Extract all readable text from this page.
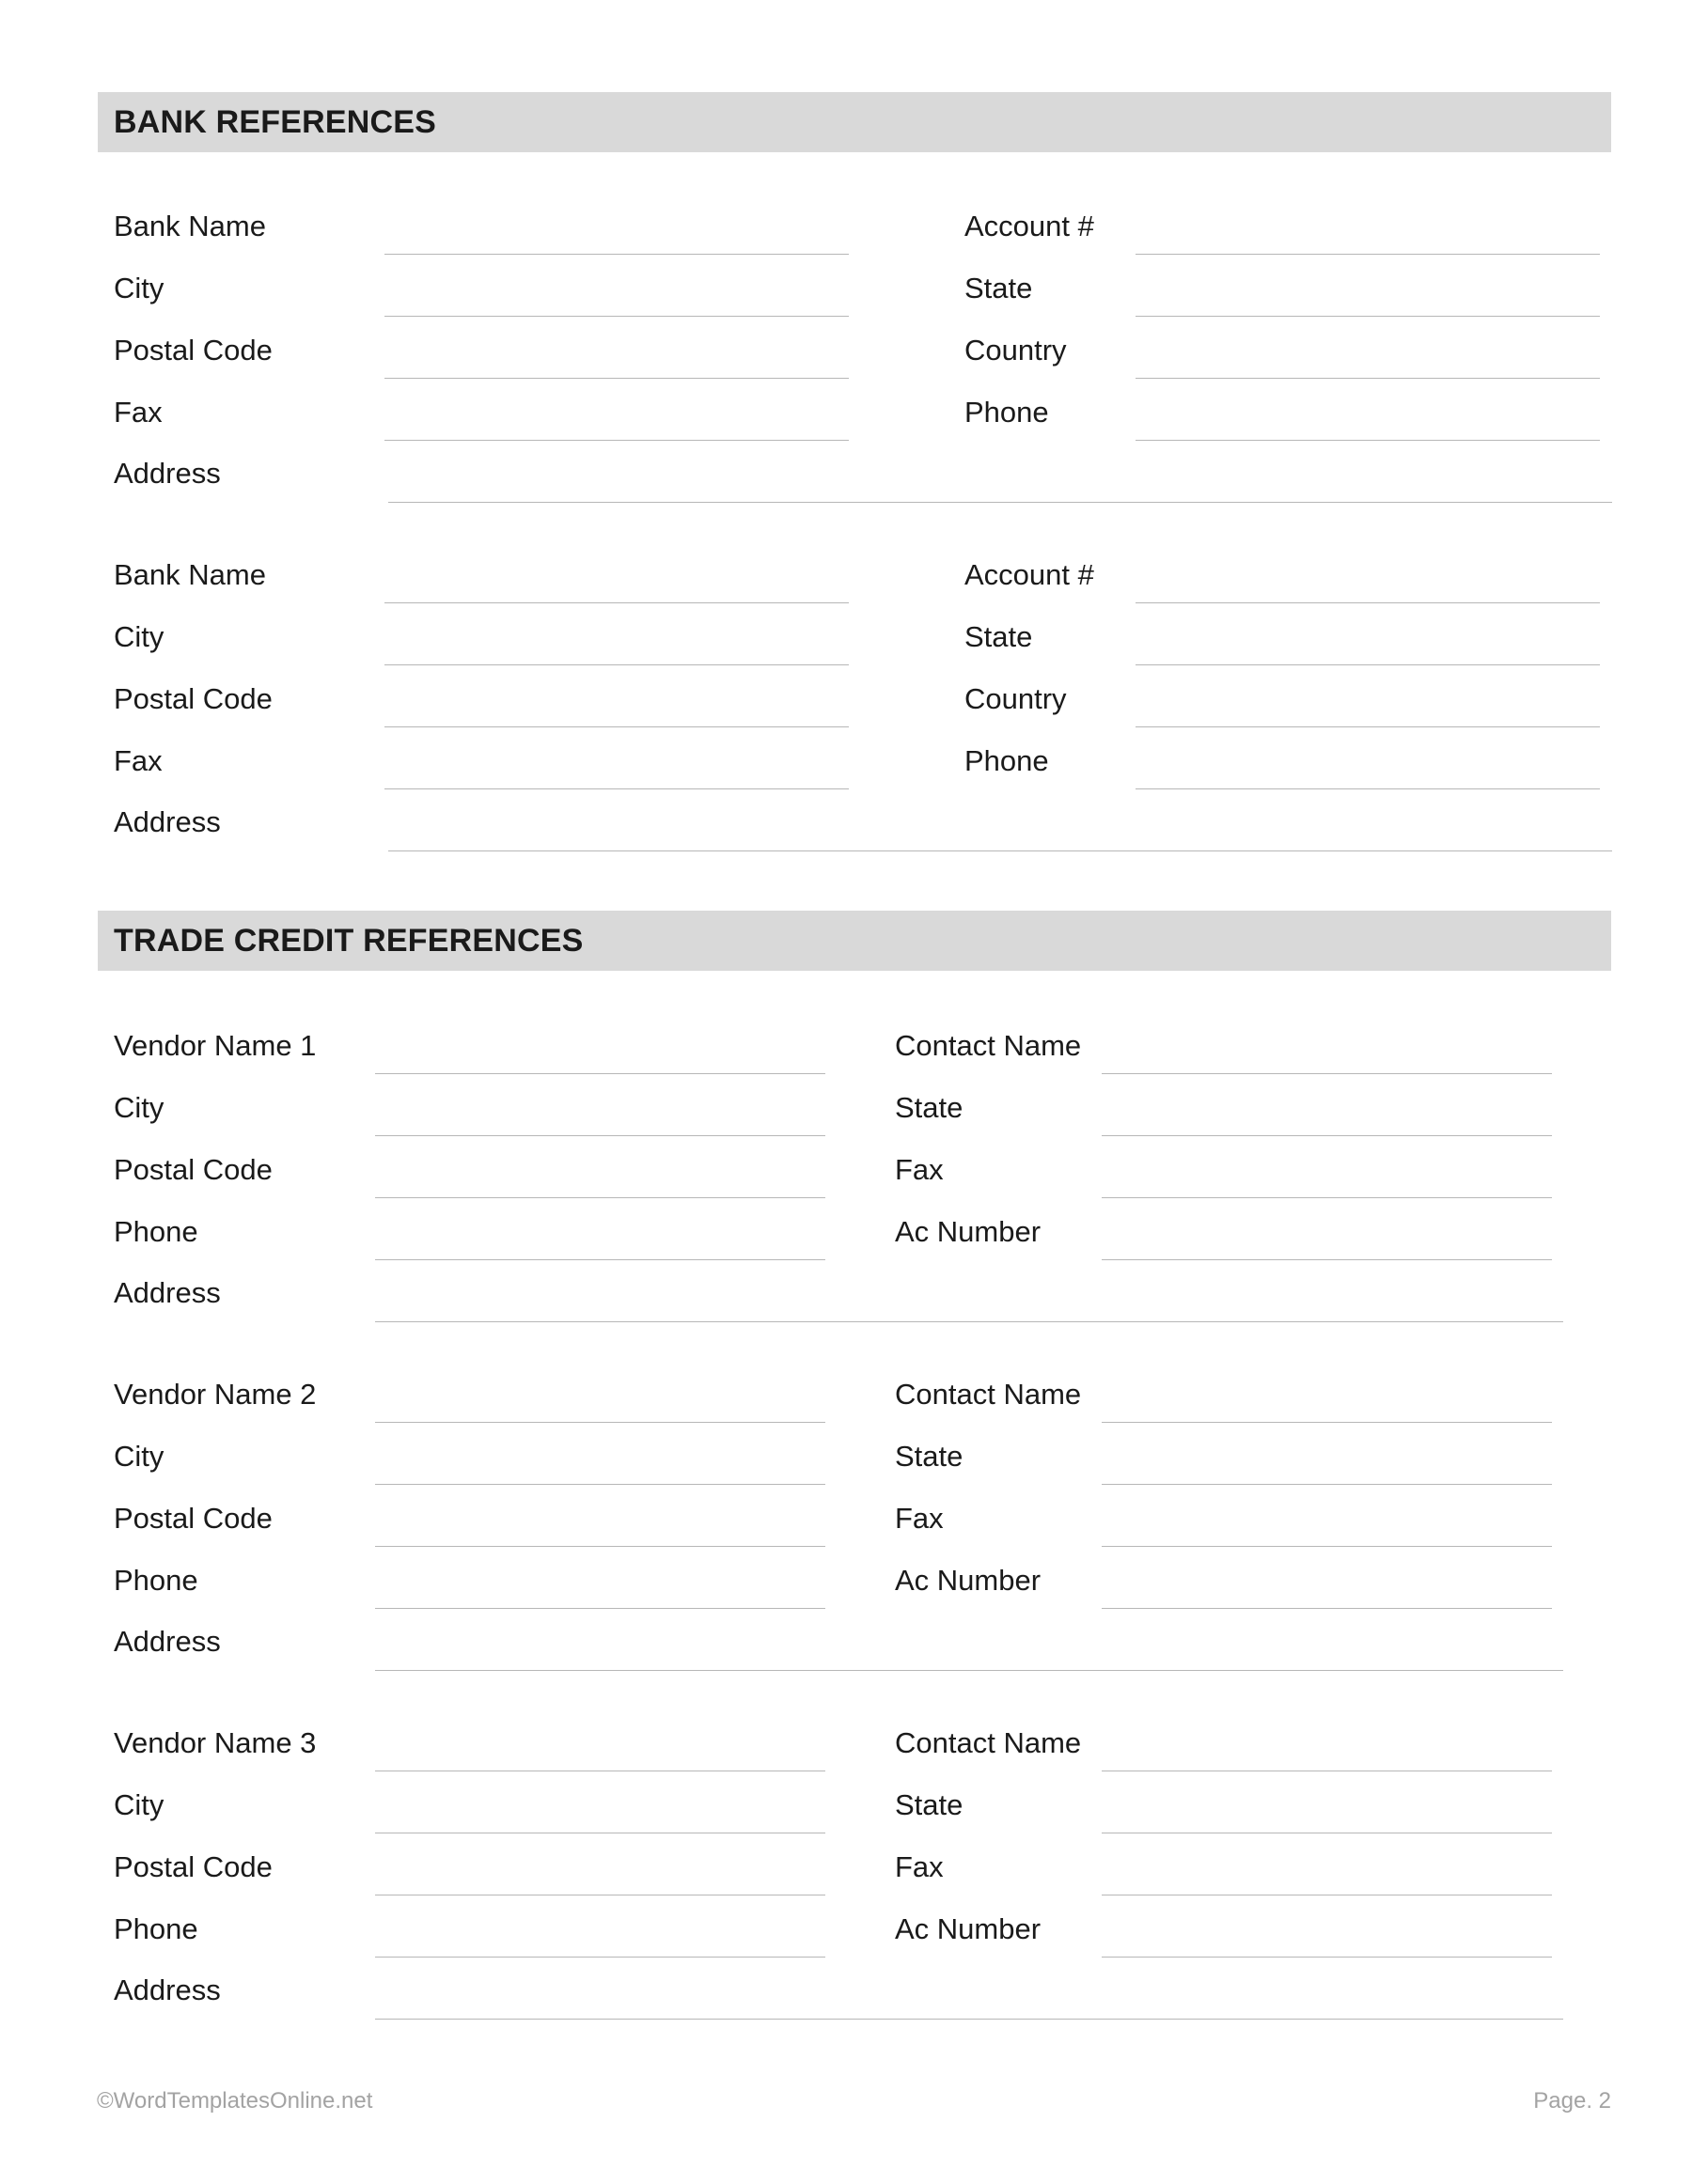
BANK REFERENCES
TRADE CREDIT REFERENCES
Bank Name
City
Postal Code
Fax
Address
Account #
State
Country
Phone
Bank Name
City
Postal Code
Fax
Address
Account #
State
Country
Phone
Vendor Name 1
City
Postal Code
Phone
Address
Contact Name
State
Fax
Ac Number
Vendor Name 2
City
Postal Code
Phone
Address
Contact Name
State
Fax
Ac Number
Vendor Name 3
City
Postal Code
Phone
Address
Contact Name
State
Fax
Ac Number
©WordTemplatesOnline.net	Page. 2
